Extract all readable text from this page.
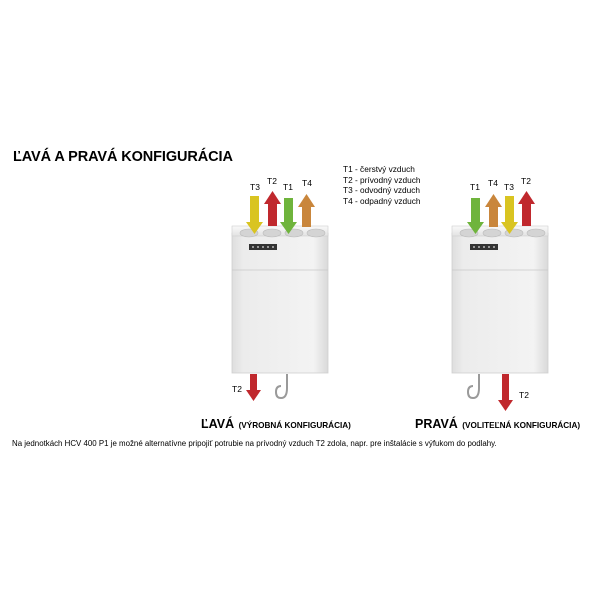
ĽAVÁ A PRAVÁ KONFIGURÁCIA
T1 - čerstvý vzduch
T2 - prívodný vzduch
T3 - odvodný vzduch
T4 - odpadný vzduch
T3
T2
T1 T4
T2
T1 T4 T3
T2
T2
ĽAVÁ (VÝROBNÁ KONFIGURÁCIA)	PRAVÁ (VOLITEĽNÁ KONFIGURÁCIA)
Na jednotkách HCV 400 P1 je možné alternatívne pripojiť potrubie na prívodný vzduch T2 zdola, napr. pre inštalácie s výfukom do podlahy.
